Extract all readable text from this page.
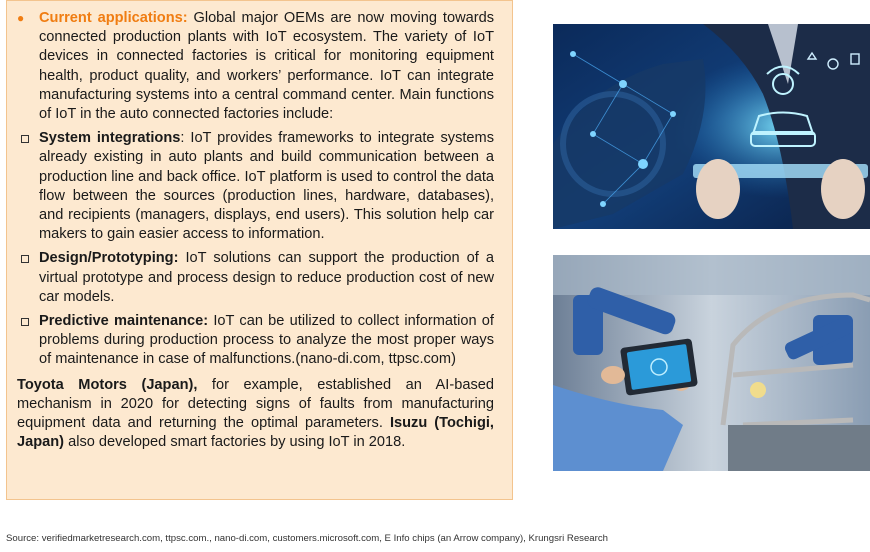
●	Current applications: Global major OEMs are now moving towards connected production plants with IoT ecosystem. The variety of IoT devices in connected factories is critical for monitoring equipment health, product quality, and workers’ performance. IoT can integrate manufacturing systems into a central command center. Main functions of IoT in the auto connected factories include:
System integrations: IoT provides frameworks to integrate systems already existing in auto plants and build communication between a production line and back office. IoT platform is used to control the data flow between the sources (production lines, hardware, databases), and recipients (managers, displays, end users). This solution help car makers to gain easier access to information.
Design/Prototyping: IoT solutions can support the production of a virtual prototype and process design to reduce production cost of new car models.
Predictive maintenance: IoT can be utilized to collect information of problems during production process to analyze the most proper ways of maintenance in case of malfunctions.(nano-di.com, ttpsc.com)
Toyota Motors (Japan), for example, established an AI-based mechanism in 2020 for detecting signs of faults from manufacturing equipment data and returning the optimal parameters. Isuzu (Tochigi, Japan) also developed smart factories by using IoT in 2018.
Source: verifiedmarketresearch.com, ttpsc.com., nano-di.com, customers.microsoft.com, E Info chips (an Arrow company), Krungsri Research
